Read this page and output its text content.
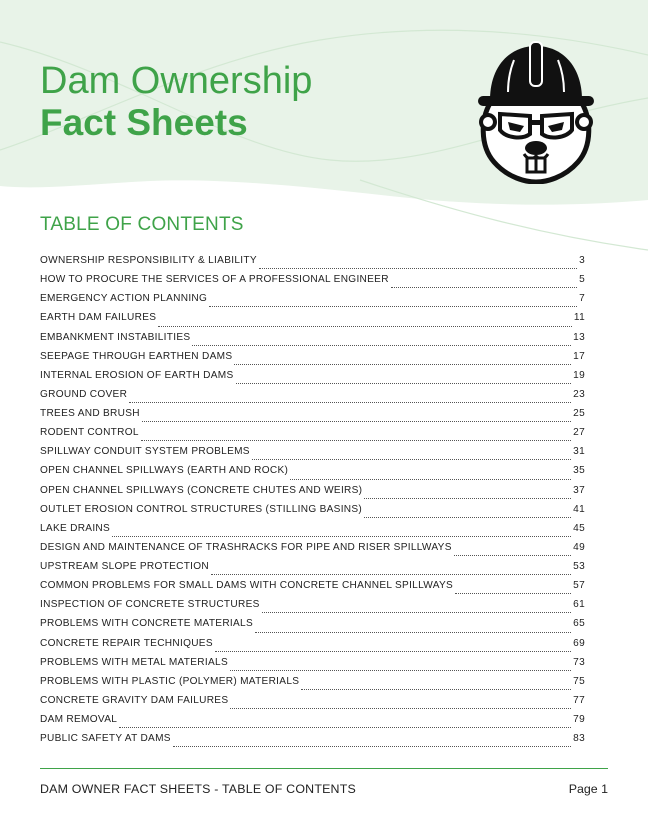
Dam Ownership
Fact Sheets
TABLE OF CONTENTS
OWNERSHIP RESPONSIBILITY & LIABILITY	3
HOW TO PROCURE THE SERVICES OF A PROFESSIONAL ENGINEER	5
EMERGENCY ACTION PLANNING	7
EARTH DAM FAILURES	11
EMBANKMENT INSTABILITIES	13
SEEPAGE THROUGH EARTHEN DAMS	17
INTERNAL EROSION OF EARTH DAMS	19
GROUND COVER	23
TREES AND BRUSH	25
RODENT CONTROL	27
SPILLWAY CONDUIT SYSTEM PROBLEMS	31
OPEN CHANNEL SPILLWAYS (EARTH AND ROCK)	35
OPEN CHANNEL SPILLWAYS (CONCRETE CHUTES AND WEIRS)	37
OUTLET EROSION CONTROL STRUCTURES (STILLING BASINS)	41
LAKE DRAINS	45
DESIGN AND MAINTENANCE OF TRASHRACKS FOR PIPE AND RISER SPILLWAYS	49
UPSTREAM SLOPE PROTECTION	53
COMMON PROBLEMS FOR SMALL DAMS WITH CONCRETE CHANNEL SPILLWAYS	57
INSPECTION OF CONCRETE STRUCTURES	61
PROBLEMS WITH CONCRETE MATERIALS	65
CONCRETE REPAIR TECHNIQUES	69
PROBLEMS WITH METAL MATERIALS	73
PROBLEMS WITH PLASTIC (POLYMER) MATERIALS	75
CONCRETE GRAVITY DAM FAILURES	77
DAM REMOVAL	79
PUBLIC SAFETY AT DAMS	83
DAM OWNER FACT SHEETS - TABLE OF CONTENTS	Page 1
